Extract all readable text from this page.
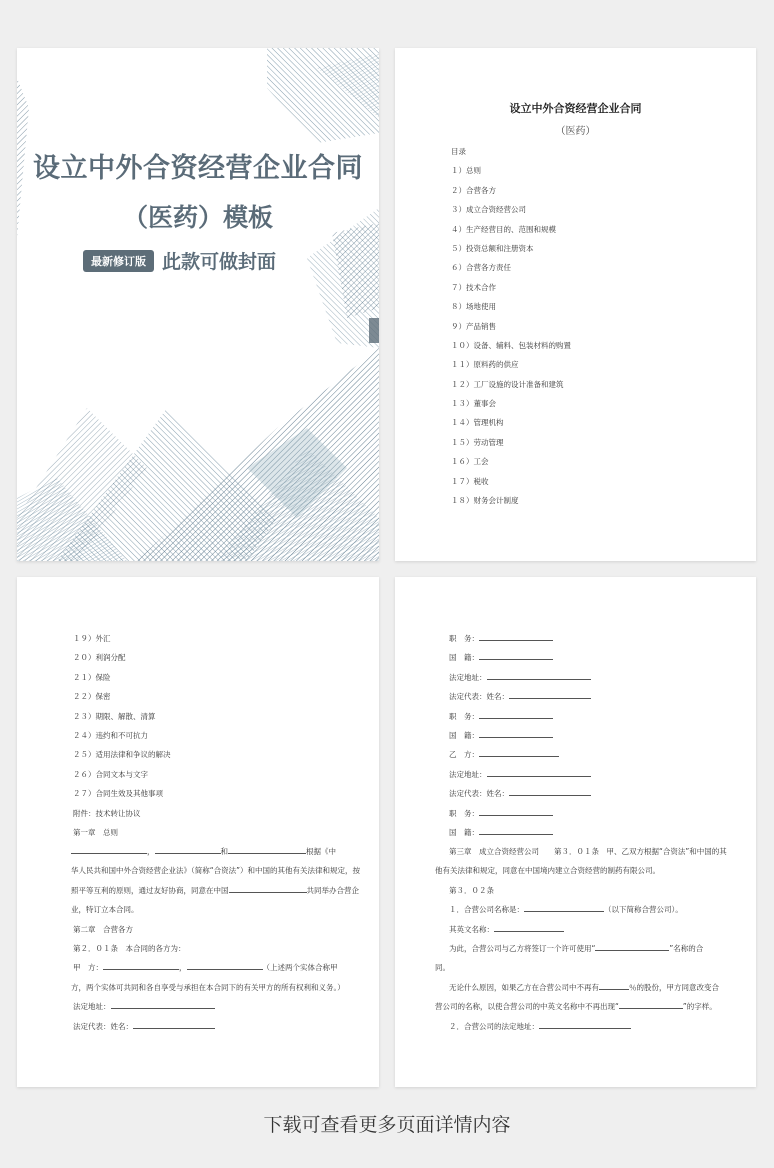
设立中外合资经营企业合同
（医药）模板
最新修订版 此款可做封面
设立中外合资经营企业合同
（医药）
目录
１）总则
２）合营各方
３）成立合资经营公司
４）生产经营目的、范围和规模
５）投资总额和注册资本
６）合营各方责任
７）技术合作
８）场地使用
９）产品销售
１０）设备、辅料、包装材料的购置
１１）原料药的供应
１２）工厂设施的设计准备和建筑
１３）董事会
１４）管理机构
１５）劳动管理
１６）工会
１７）税收
１８）财务会计制度
１９）外汇
２０）利润分配
２１）保险
２２）保密
２３）期限、解散、清算
２４）违约和不可抗力
２５）适用法律和争议的解决
２６）合同文本与文字
２７）合同生效及其他事项
附件：技术转让协议
第一章　总则
，	和	根据《中
华人民共和国中外合资经营企业法》（简称“合资法”）和中国的其他有关法律和规定，按
照平等互利的原则，通过友好协商，同意在中国	共同举办合营企
业，特订立本合同。
第二章　合营各方
第２．０１条　本合同的各方为：
甲　方：	，	（上述两个实体合称甲
方，两个实体可共同和各自享受与承担在本合同下的有关甲方的所有权利和义务。）
法定地址：
法定代表：姓名：
职　务：
国　籍：
法定地址：
法定代表：姓名：
职　务：
国　籍：
乙　方：
法定地址：
法定代表：姓名：
职　务：
国　籍：
第三章　成立合资经营公司　　第３．０１条　甲、乙双方根据“合资法”和中国的其
他有关法律和规定，同意在中国境内建立合资经营的制药有限公司。
第３．０２条
１．合营公司名称是：	（以下简称合营公司）。
其英文名称：
为此，合营公司与乙方将签订一个许可使用“	”名称的合
同。
无论什么原因，如果乙方在合营公司中不再有	％的股份，甲方同意改变合
营公司的名称，以使合营公司的中英文名称中不再出现“	”的字样。
２．合营公司的法定地址：
下载可查看更多页面详情内容
